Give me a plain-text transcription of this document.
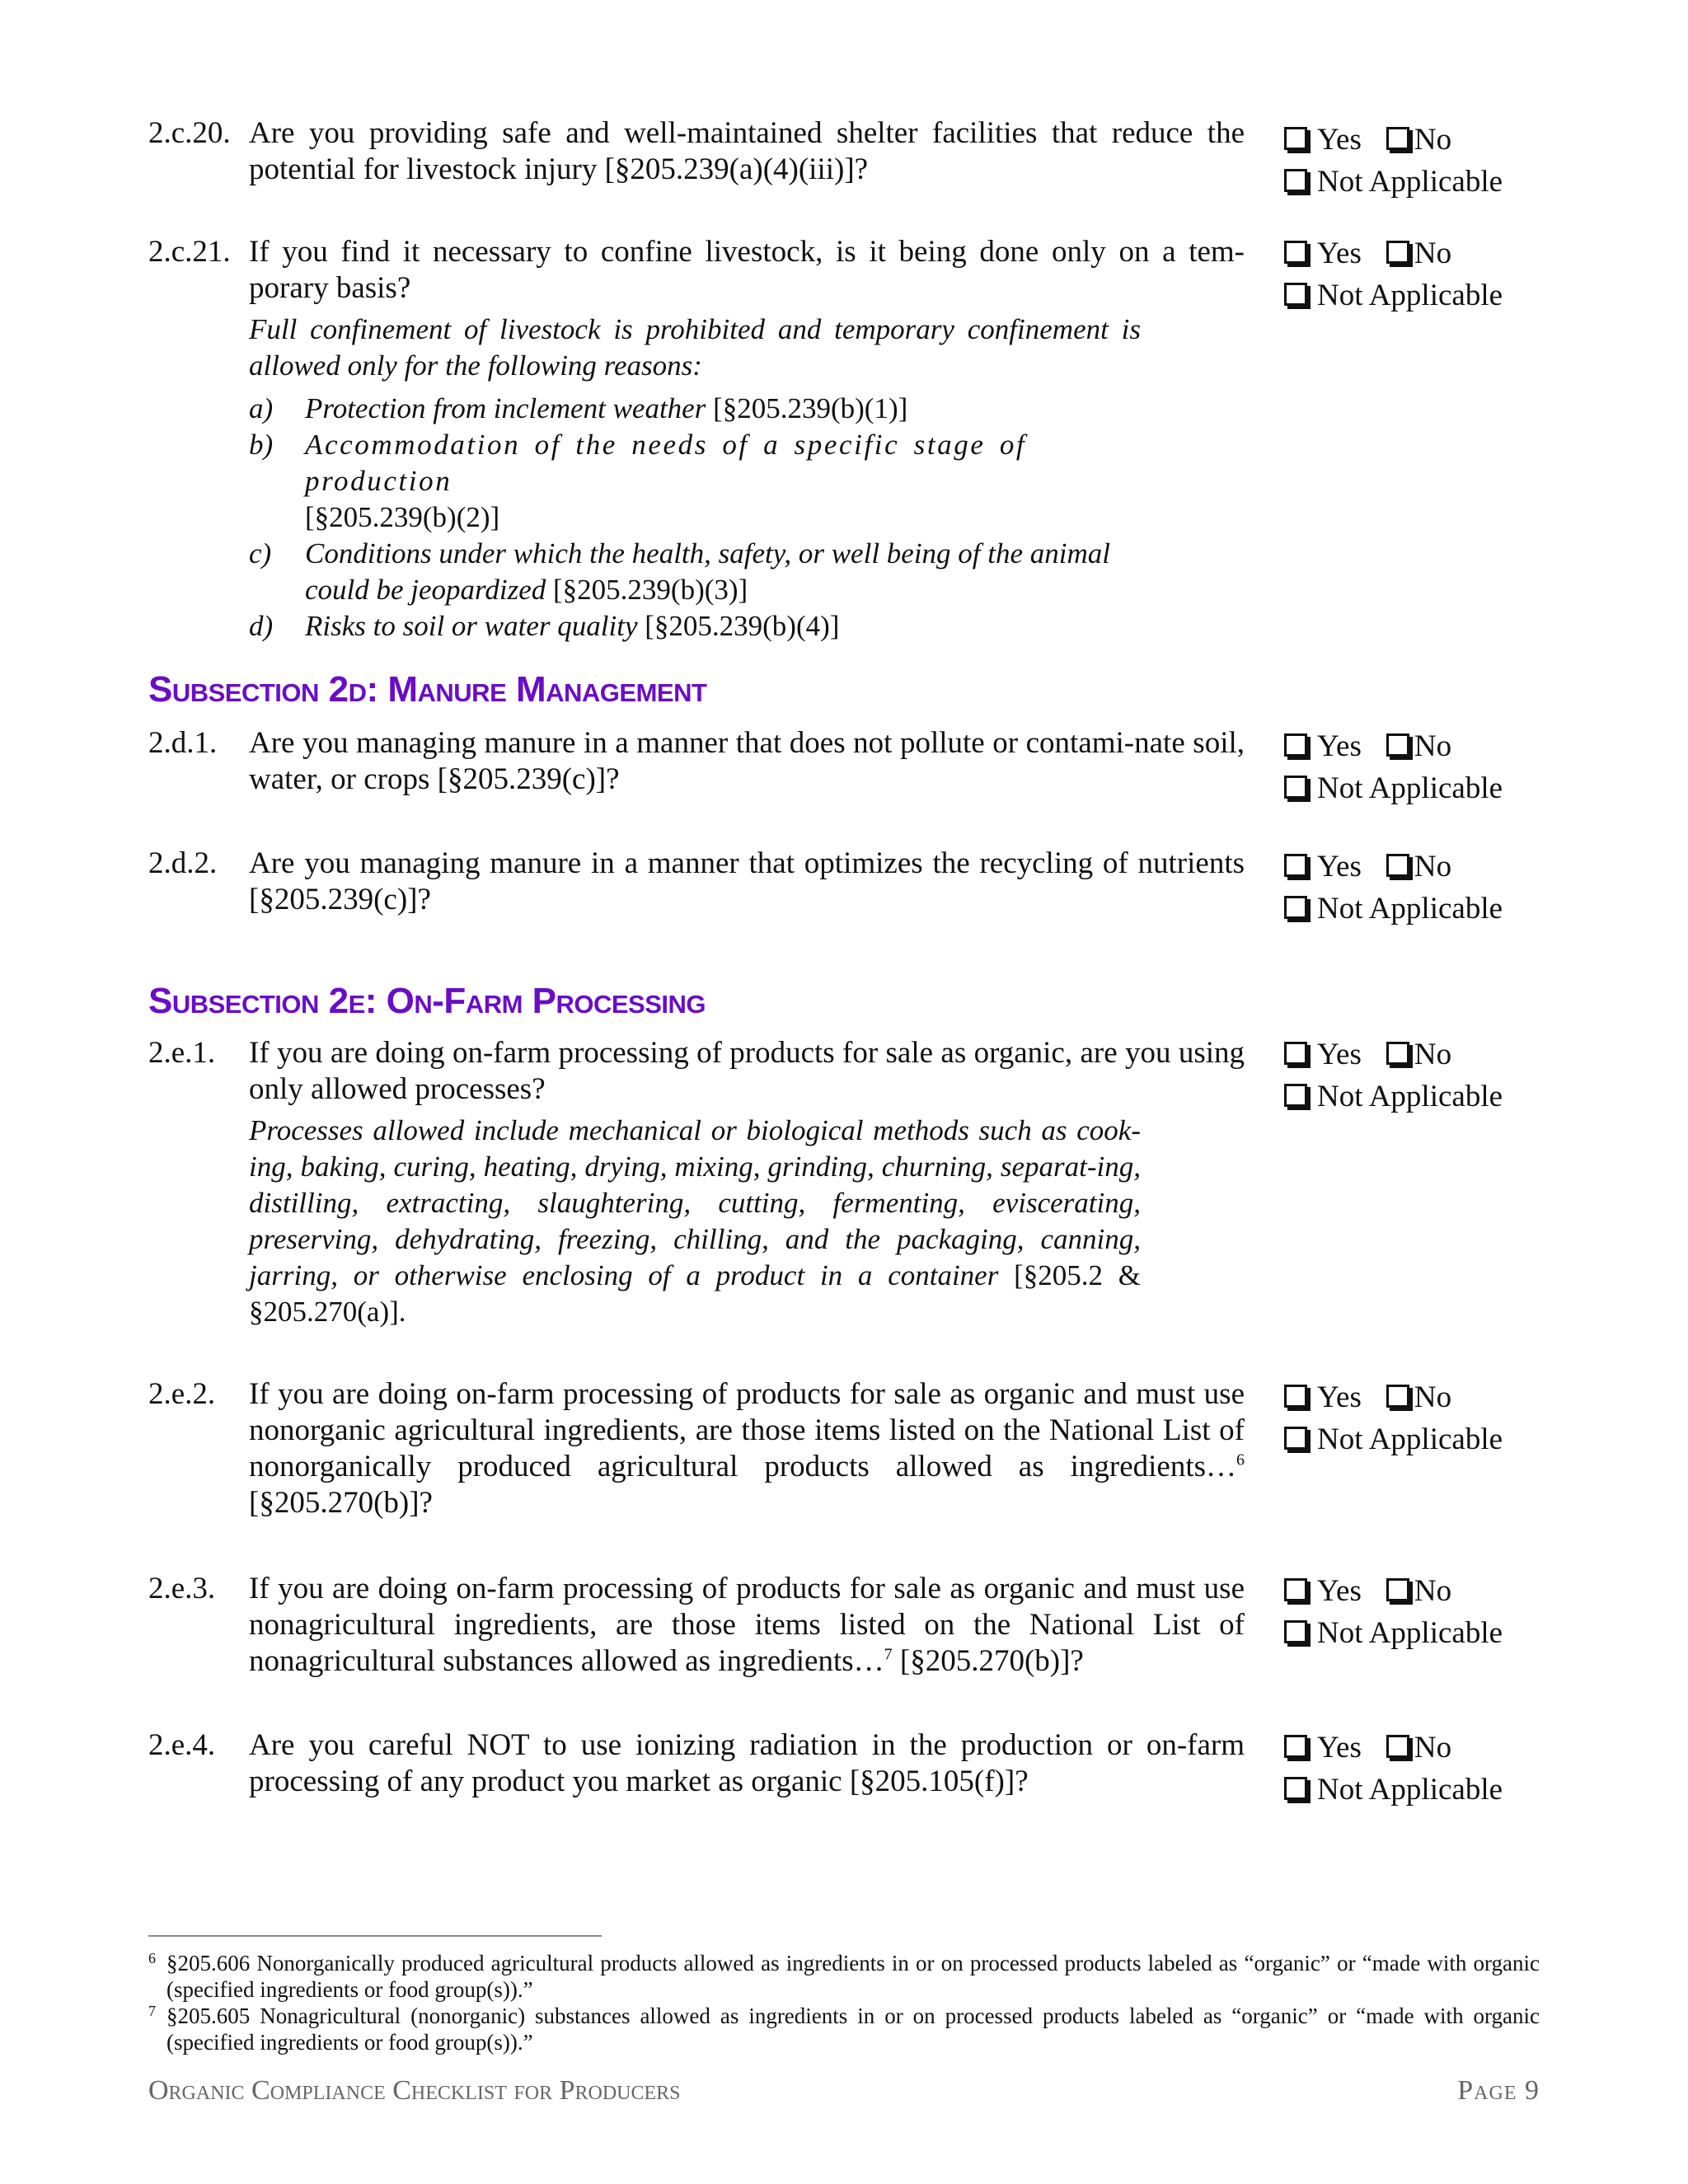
2.c.20. Are you providing safe and well-maintained shelter facilities that reduce the potential for livestock injury [§205.239(a)(4)(iii)]?
Yes No
Not Applicable
2.c.21. If you find it necessary to confine livestock, is it being done only on a tem-porary basis?
Full confinement of livestock is prohibited and temporary confinement is allowed only for the following reasons:
a) Protection from inclement weather [§205.239(b)(1)]
b) Accommodation of the needs of a specific stage of production
[§205.239(b)(2)]
c) Conditions under which the health, safety, or well being of the animal could be jeopardized [§205.239(b)(3)]
d) Risks to soil or water quality [§205.239(b)(4)]
Yes No
Not Applicable
Subsection 2d: Manure Management
2.d.1.	Are you managing manure in a manner that does not pollute or contami-nate soil, water, or crops [§205.239(c)]?
Yes No
Not Applicable
2.d.2.	Are you managing manure in a manner that optimizes the recycling of nutrients [§205.239(c)]?
Yes No
Not Applicable
Subsection 2e: On-Farm Processing
2.e.1.	If you are doing on-farm processing of products for sale as organic, are you using only allowed processes?
Processes allowed include mechanical or biological methods such as cook-ing, baking, curing, heating, drying, mixing, grinding, churning, separat-ing, distilling, extracting, slaughtering, cutting, fermenting, eviscerating, preserving, dehydrating, freezing, chilling, and the packaging, canning, jarring, or otherwise enclosing of a product in a container [§205.2 & §205.270(a)].
Yes No
Not Applicable
2.e.2.	If you are doing on-farm processing of products for sale as organic and must use nonorganic agricultural ingredients, are those items listed on the National List of nonorganically produced agricultural products allowed as ingredients…$^6$ [§205.270(b)]?
Yes No
Not Applicable
2.e.3.	If you are doing on-farm processing of products for sale as organic and must use nonagricultural ingredients, are those items listed on the National List of nonagricultural substances allowed as ingredients…$^7$ [§205.270(b)]?
Yes No
Not Applicable
2.e.4.	Are you careful NOT to use ionizing radiation in the production or on-farm processing of any product you market as organic [§205.105(f)]?
Yes No
Not Applicable
6 §205.606 Nonorganically produced agricultural products allowed as ingredients in or on processed products labeled as “organic” or “made with organic (specified ingredients or food group(s)).”
7 §205.605 Nonagricultural (nonorganic) substances allowed as ingredients in or on processed products labeled as “organic” or “made with organic (specified ingredients or food group(s)).”
Organic Compliance Checklist for Producers	Page 9
